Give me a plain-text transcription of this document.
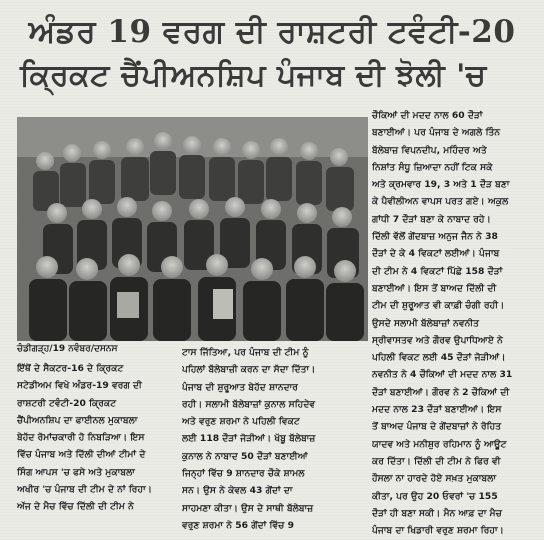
ਅੰਡਰ 19 ਵਰਗ ਦੀ ਰਾਸ਼ਟਰੀ ਟਵੰਟੀ-20
ਕ੍ਰਿਕਟ ਚੈਂਪੀਅਨਸ਼ਿਪ ਪੰਜਾਬ ਦੀ ਝੋਲੀ 'ਚ
ਚੰਡੀਗੜ੍ਹ/19 ਨਵੰਬਰ/ਦਸਨਸ
ਚੌਕਿਆਂ ਦੀ ਮਦਦ ਨਾਲ 60 ਦੌੜਾਂ
ਬਣਾਈਆਂ। ਪਰ ਪੰਜਾਬ ਦੇ ਅਗਲੇ ਤਿੰਨ
ਬੱਲੇਬਾਜ਼ ਵਿਪਨਦੀਪ, ਮਹਿੰਦਰ ਅਤੇ
ਨਿਸ਼ਾਂਤ ਸੰਧੂ ਜ਼ਿਆਦਾ ਨਹੀਂ ਟਿਕ ਸਕੇ
ਅਤੇ ਕ੍ਰਮਵਾਰ 19, 3 ਅਤੇ 1 ਦੌੜ ਬਣਾ
ਕੇ ਪੈਵੀਲੀਅਨ ਵਾਪਸ ਪਰਤ ਗਏ। ਅਕੁਲ
ਗਾਂਧੀ 7 ਦੌੜਾਂ ਬਣਾ ਕੇ ਨਾਬਾਦ ਰਹੇ।
ਦਿੱਲੀ ਵੱਲੋਂ ਗੇਂਦਬਾਜ਼ ਅਨੁਜ ਜੈਨ ਨੇ 38
ਦੌੜਾਂ ਦੇ ਕੇ 4 ਵਿਕਟਾਂ ਲਈਆਂ। ਪੰਜਾਬ
ਦੀ ਟੀਮ ਨੇ 4 ਵਿਕਟਾਂ ਪਿੱਛੇ 158 ਦੌੜਾਂ
ਬਣਾਈਆਂ। ਇਸ ਤੋਂ ਬਾਅਦ ਦਿੱਲੀ ਦੀ
ਟੀਮ ਦੀ ਸ਼ੁਰੂਆਤ ਵੀ ਕਾਫ਼ੀ ਚੰਗੀ ਰਹੀ।
ਉਸਦੇ ਸਲਾਮੀ ਬੱਲੇਬਾਜ਼ਾਂ ਨਵਨੀਤ
ਸ੍ਰੀਵਾਸਤਵ ਅਤੇ ਗੌਰਵ ਉਪਾਧਿਆਏ ਨੇ
ਪਹਿਲੀ ਵਿਕਟ ਲਈ 45 ਦੌੜਾਂ ਜੋੜੀਆਂ।
ਨਵਨੀਤ ਨੇ 4 ਚੌਕਿਆਂ ਦੀ ਮਦਦ ਨਾਲ 31
ਦੌੜਾਂ ਬਣਾਈਆਂ। ਗੌਰਵ ਨੇ 2 ਚੌਕਿਆਂ ਦੀ
ਮਦਦ ਨਾਲ 23 ਦੌੜਾਂ ਬਣਾਈਆਂ। ਇਸ
ਤੋਂ ਬਾਅਦ ਪੰਜਾਬ ਦੇ ਗੇਂਦਬਾਜ਼ਾਂ ਨੇ ਰੋਹਿਤ
ਯਾਦਵ ਅਤੇ ਮਨੀਸ਼ੁਰ ਰਹਿਮਾਨ ਨੂੰ ਆਊਟ
ਕਰ ਦਿੱਤਾ। ਦਿੱਲੀ ਦੀ ਟੀਮ ਨੇ ਫਿਰ ਵੀ
ਹੌਸਲਾ ਨਾ ਹਾਰਦੇ ਹੋਏ ਸਖ਼ਤ ਮੁਕਾਬਲਾ
ਕੀਤਾ, ਪਰ ਉਹ 20 ਓਵਰਾਂ 'ਚ 155
ਦੌੜਾਂ ਹੀ ਬਣਾ ਸਕੀ। ਮੈਨ ਆਫ਼ ਦਾ ਮੈਚ
ਪੰਜਾਬ ਦਾ ਖਿਡਾਰੀ ਵਰੁਣ ਸ਼ਰਮਾ ਰਿਹਾ।
ਇੱਥੋਂ ਦੇ ਸੈਕਟਰ-16 ਦੇ ਕ੍ਰਿਕਟ
ਸਟੇਡੀਅਮ ਵਿਖੇ ਅੰਡਰ-19 ਵਰਗ ਦੀ
ਰਾਸ਼ਟਰੀ ਟਵੰਟੀ-20 ਕ੍ਰਿਕਟ
ਚੈਂਪੀਅਨਸ਼ਿਪ ਦਾ ਫਾਈਨਲ ਮੁਕਾਬਲਾ
ਬੇਹੱਦ ਰੋਮਾਂਚਕਾਰੀ ਹੋ ਨਿਬੜਿਆ। ਇਸ
ਵਿੱਚ ਪੰਜਾਬ ਅਤੇ ਦਿੱਲੀ ਦੀਆਂ ਟੀਮਾਂ ਦੇ
ਸਿੰਗ ਆਪਸ 'ਚ ਫਸੇ ਅਤੇ ਮੁਕਾਬਲਾ
ਅਖੀਰ 'ਚ ਪੰਜਾਬ ਦੀ ਟੀਮ ਦੇ ਨਾਂ ਰਿਹਾ।
ਅੱਜ ਦੇ ਮੈਚ ਵਿੱਚ ਦਿੱਲੀ ਦੀ ਟੀਮ ਨੇ
ਟਾਸ ਜਿੱਤਿਆ, ਪਰ ਪੰਜਾਬ ਦੀ ਟੀਮ ਨੂੰ
ਪਹਿਲਾਂ ਬੱਲੇਬਾਜ਼ੀ ਕਰਨ ਦਾ ਸੱਦਾ ਦਿੱਤਾ।
ਪੰਜਾਬ ਦੀ ਸ਼ੁਰੂਆਤ ਬੇਹੱਦ ਸ਼ਾਨਦਾਰ
ਰਹੀ। ਸਲਾਮੀ ਬੱਲੇਬਾਜ਼ਾਂ ਕੁਨਾਲ ਸਹਿਦੇਵ
ਅਤੇ ਵਰੁਣ ਸ਼ਰਮਾ ਨੇ ਪਹਿਲੀ ਵਿਕਟ
ਲਈ 118 ਦੌੜਾਂ ਜੋੜੀਆਂ। ਖੱਬੂ ਬੱਲੇਬਾਜ਼
ਕੁਨਾਲ ਨੇ ਨਾਬਾਦ 50 ਦੌੜਾਂ ਬਣਾਈਆਂ
ਜਿਨ੍ਹਾਂ ਵਿੱਚ 9 ਸ਼ਾਨਦਾਰ ਚੌਕੇ ਸ਼ਾਮਲ
ਸਨ। ਉਸ ਨੇ ਕੇਵਲ 43 ਗੇਂਦਾਂ ਦਾ
ਸਾਹਮਣਾ ਕੀਤਾ। ਉਸ ਦੇ ਸਾਥੀ ਬੱਲੇਬਾਜ਼
ਵਰੁਣ ਸ਼ਰਮਾ ਨੇ 56 ਗੇਂਦਾਂ ਵਿੱਚ 9
